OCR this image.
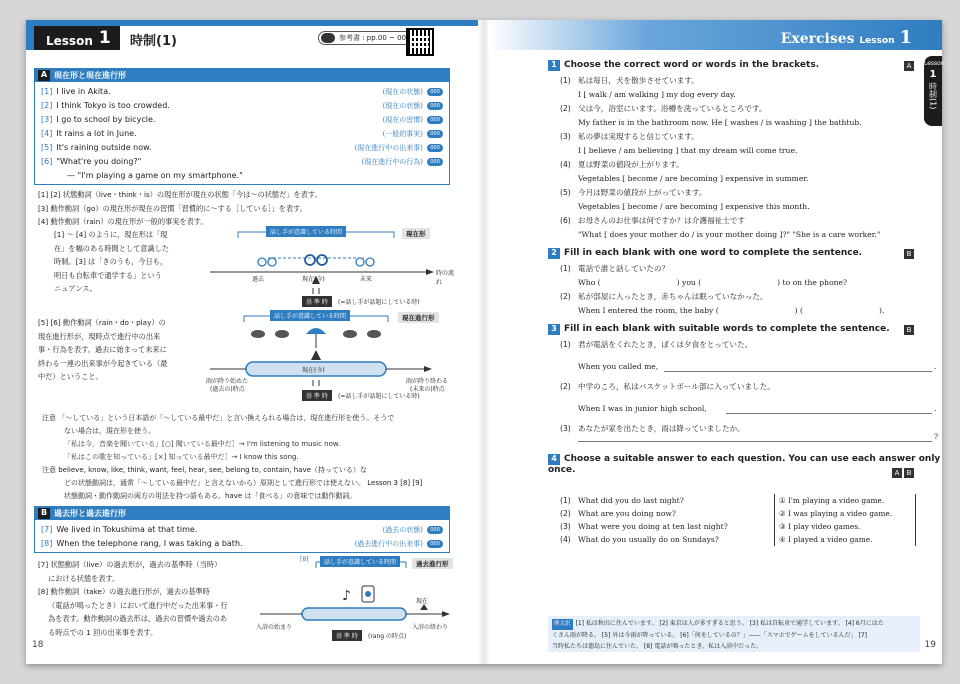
Lesson 1	時制(1)	参考書 : pp.00 ~ 00
A 現在形と現在進行形
[1] I live in Akita.	(現在の状態)	000
[2] I think Tokyo is too crowded.	(現在の状態)	000
[3] I go to school by bicycle.	(現在の習慣)	000
[4] It rains a lot in June.	(一般的事実)	000
[5] It's raining outside now.	(現在進行中の出来事)	000
[6] "What're you doing?"	(現在進行中の行為)	000
— "I'm playing a game on my smartphone."
[1] [2] 状態動詞（live・think・is）の現在形が現在の状態「今は〜の状態だ」を表す。
[3] 動作動詞（go）の現在形が現在の習慣「習慣的に〜する［している］」を表す。
[4] 動作動詞（rain）の現在形が一般的事実を表す。
[1] 〜 [4] のように，現在形は「現
在」を幅のある時間として意識した
時制。[3] は「きのうも，今日も，
明日も自転車で通学する」という
ニュアンス。
話し手が意識している時間	現在形
時の流れ
過去	現在(今)	未来
基 準 時	(=話し手が話題にしている時)
[5] [6] 動作動詞（rain・do・play）の
現在進行形が，現時点で進行中の出来
事・行為を表す。過去に始まって未来に
終わる一連の出来事が今起きている（最
中だ）ということ。
話し手が意識している時間	現在進行形
現在(今)
雨が降り始めた
(過去の)時点
雨が降り終わる
(未来の)時点
基 準 時	(=話し手が話題にしている時)
注意 「〜している」という日本語が「〜している最中だ」と言い換えられる場合は，現在進行形を使う。そうで
ない場合は，現在形を使う。
「私は今，音楽を聞いている」[○] 聞いている最中だ］→ I'm listening to music now.
「私はこの歌を知っている」[×] 知っている最中だ］→ I know this song.
注意 believe, know, like, think, want, feel, hear, see, belong to, contain, have（持っている）な
どの状態動詞は，通常「〜している最中だ」と言えないから）原則として進行形では使えない。 Lesson 3 [8] [9]
状態動詞・動作動詞の両方の用法を持つ語もある。have は「食べる」の意味では動作動詞。
B 過去形と過去進行形
[7] We lived in Tokushima at that time.	(過去の状態)	000
[8] When the telephone rang, I was taking a bath.	(過去進行中の出来事)	000
[7] 状態動詞（live）の過去形が，過去の基準時（当時）
における状態を表す。
[8] 動作動詞（take）の過去進行形が，過去の基準時
（電話が鳴ったとき）において進行中だった出来事・行
為を表す。動作動詞の過去形は，過去の習慣や過去のあ
る時点での 1 回の出来事を表す。
♪
[8]	話し手が意識している時間	過去進行形
現在
入浴の始まり	入浴の終わり
基 準 時	(rang の時点)
18
Exercises Lesson 1
Lesson
1
時制(1)
1 Choose the correct word or words in the brackets.	A
(1) 私は毎日，犬を散歩させています。
I [ walk / am walking ] my dog every day.
(2) 父は今，浴室にいます。浴槽を洗っているところです。
My father is in the bathroom now. He [ washes / is washing ] the bathtub.
(3) 私の夢は実現すると信じています。
I [ believe / am believing ] that my dream will come true.
(4) 夏は野菜の値段が上がります。
Vegetables [ become / are becoming ] expensive in summer.
(5) 今月は野菜の値段が上がっています。
Vegetables [ become / are becoming ] expensive this month.
(6) お母さんのお仕事は何ですか？は介護福祉士です
"What [ does your mother do / is your mother doing ]?" "She is a care worker."
2 Fill in each blank with one word to complete the sentence.	B
(1) 電話で誰と話していたの？
Who (	) you (	) to on the phone?
(2) 私が部屋に入ったとき，赤ちゃんは眠っていなかった。
When I entered the room, the baby (	) (	).
3 Fill in each blank with suitable words to complete the sentence.	B
(1) 君が電話をくれたとき，ぼくは夕食をとっていた。
When you called me,	.
(2) 中学のころ，私はバスケットボール部に入っていました。
When I was in junior high school,	.
(3) あなたが家を出たとき，雨は降っていましたか。
?
4 Choose a suitable answer to each question. You can use each answer only once.	A	B
(1) What did you do last night?
(2) What are you doing now?
(3) What were you doing at ten last night?
(4) What do you usually do on Sundays?
① I'm playing a video game.
② I was playing a video game.
③ I play video games.
④ I played a video game.
例文訳 [1] 私は秋田に住んでいます。 [2] 東京は人が多すぎると思う。 [3] 私は自転車で通学しています。 [4] 6月にはた
くさん雨が降る。 [5] 外は今雨が降っている。 [6]「何をしているの？」——「スマホでゲームをしているんだ」 [7]
当時私たちは徳島に住んでいた。 [8] 電話が鳴ったとき，私は入浴中だった。	19
